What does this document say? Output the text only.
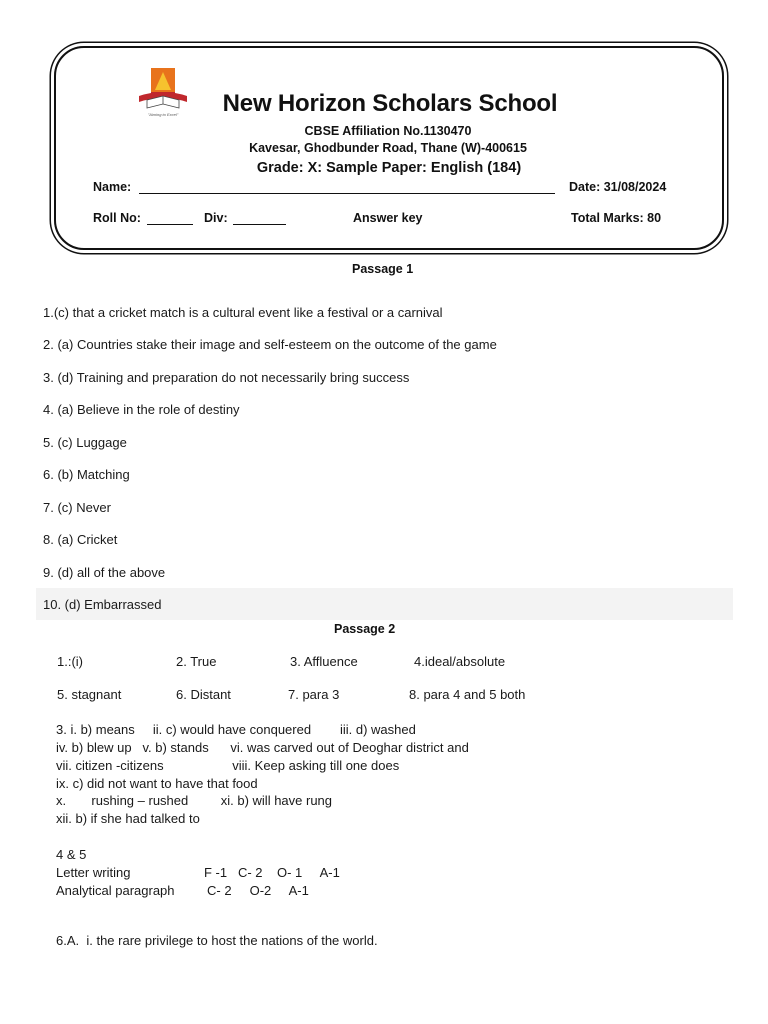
"Aiming to Excel"	New Horizon Scholars School
CBSE Affiliation No.1130470
Kavesar, Ghodbunder Road, Thane (W)-400615
Grade: X: Sample Paper: English (184)
Name:	Date: 31/08/2024
Roll No:	Div:	Answer key	Total Marks: 80
Passage 1
1.(c) that a cricket match is a cultural event like a festival or a carnival
2. (a) Countries stake their image and self-esteem on the outcome of the game
3. (d) Training and preparation do not necessarily bring success
4. (a) Believe in the role of destiny
5. (c) Luggage
6. (b) Matching
7. (c) Never
8. (a) Cricket
9. (d) all of the above
10. (d) Embarrassed
Passage 2
1.:(i)	2. True	3. Affluence	4.ideal/absolute
5. stagnant	6. Distant	7. para 3	8. para 4 and 5 both
3. i. b) means     ii. c) would have conquered        iii. d) washed
iv. b) blew up   v. b) stands      vi. was carved out of Deoghar district and
vii. citizen -citizens                   viii. Keep asking till one does
ix. c) did not want to have that food
x.       rushing – rushed         xi. b) will have rung
xii. b) if she had talked to
4 & 5
Letter writing	F -1   C- 2    O- 1     A-1
Analytical paragraph C- 2     O-2     A-1
6.A.  i. the rare privilege to host the nations of the world.
